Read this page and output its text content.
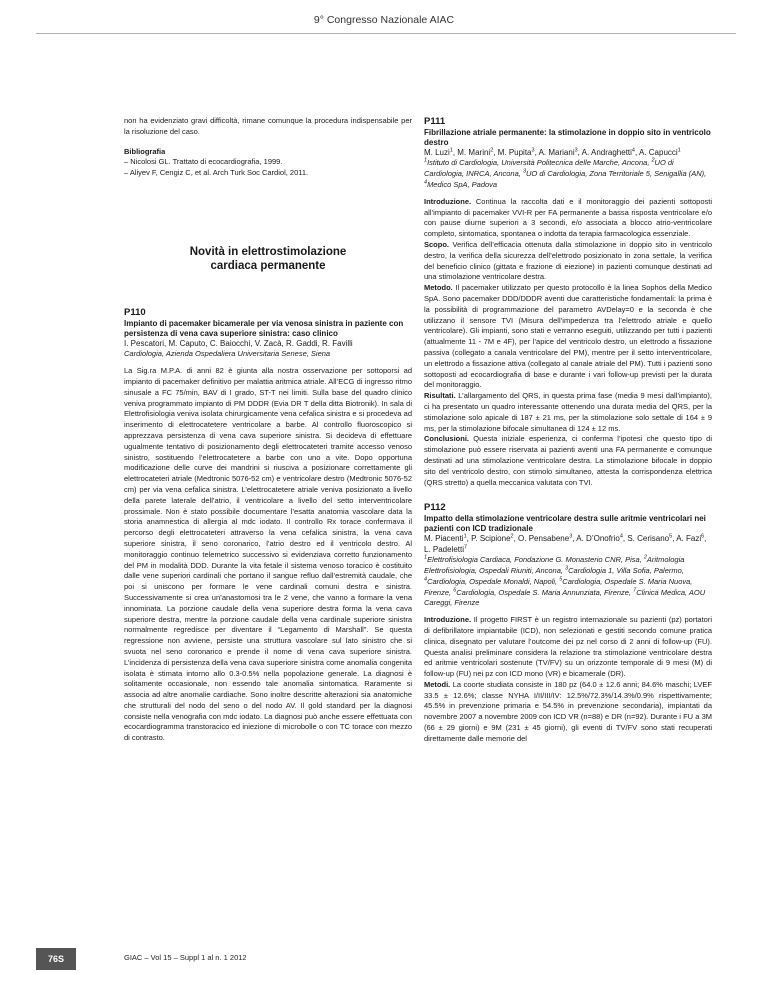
9° Congresso Nazionale AIAC

non ha evidenziato gravi difficoltà, rimane comunque la procedura indispensabile per la risoluzione del caso.

Bibliografia
– Nicolosi GL. Trattato di ecocardiografia, 1999.
– Aliyev F, Cengiz C, et al. Arch Turk Soc Cardiol, 2011.
Novità in elettrostimolazione
cardiaca permanente
P110
Impianto di pacemaker bicamerale per via venosa sinistra in paziente con persistenza di vena cava superiore sinistra: caso clinico
I. Pescatori, M. Caputo, C. Baiocchi, V. Zacà, R. Gaddi, R. Favilli
Cardiologia, Azienda Ospedaliera Universitaria Senese, Siena

La Sig.ra M.P.A. di anni 82 è giunta alla nostra osservazione per sottoporsi ad impianto di pacemaker definitivo per malattia aritmica atriale. All’ECG di ingresso ritmo sinusale a FC 75/min, BAV di I grado, ST-T nei limiti. Sulla base del quadro clinico veniva programmato impianto di PM DDDR (Evia DR T della ditta Biotronik). In sala di Elettrofisiologia veniva isolata chirurgicamente vena cefalica sinistra e si procedeva ad inserimento di elettrocatetere ventricolare a barbe. Al controllo fluoroscopico si apprezzava persistenza di vena cava superiore sinistra. Si decideva di effettuare ugualmente tentativo di posizionamento degli elettrocateteri tramite accesso venoso sinistro, sostituendo l’elettrocatetere a barbe con uno a vite. Dopo opportuna modificazione delle curve dei mandrini si riusciva a posizionare correttamente gli elettrocateteri atriale (Medtronic 5076-52 cm) e ventricolare destro (Medtronic 5076-52 cm) per via vena cefalica sinistra. L’elettrocatetere atriale veniva posizionato a livello della parete laterale dell’atrio, il ventricolare a livello del setto interventricolare prossimale. Non è stato possibile documentare l’esatta anatomia vascolare data la storia anamnestica di allergia al mdc iodato. Il controllo Rx torace confermava il percorso degli elettrocateteri attraverso la vena cefalica sinistra, la vena cava superiore sinistra, il seno coronarico, l’atrio destro ed il ventricolo destro. Al monitoraggio continuo telemetrico successivo si evidenziava corretto funzionamento del PM in modalità DDD. Durante la vita fetale il sistema venoso toracico è costituito dalle vene superiori cardinali che portano il sangue refluo dall’estremità caudale, che poi si uniscono per formare le vene cardinali comuni destra e sinistra. Successivamente si crea un’anastomosi tra le 2 vene, che vanno a formare la vena innominata. La porzione caudale della vena superiore destra forma la vena cava superiore destra, mentre la porzione caudale della vena cardinale superiore sinistra normalmente regredisce per diventare il “Legamento di Marshall”. Se questa regressione non avviene, persiste una struttura vascolare sul lato sinistro che si svuota nel seno coronarico e prende il nome di vena cava superiore sinistra. L’incidenza di persistenza della vena cava superiore sinistra come anomalia congenita isolata è stimata intorno allo 0.3-0.5% nella popolazione generale. La diagnosi è solitamente occasionale, non essendo tale anomalia sintomatica. Raramente si associa ad altre anomalie cardiache. Sono inoltre descritte alterazioni sia anatomiche che strutturali del nodo del seno o del nodo AV. Il gold standard per la diagnosi consiste nella venografia con mdc iodato. La diagnosi può anche essere effettuata con ecocardiogramma transtoracico ed iniezione di microbolle o con TC torace con mezzo di contrasto.

P111
Fibrillazione atriale permanente: la stimolazione in doppio sito in ventricolo destro
M. Luzi$^1$, M. Marini$^2$, M. Pupita$^3$, A. Mariani$^3$, A. Andraghetti$^4$, A. Capucci$^1$
$^1$Istituto di Cardiologia, Università Politecnica delle Marche, Ancona, $^2$UO di Cardiologia, INRCA, Ancona, $^3$UO di Cardiologia, Zona Territoriale 5, Senigallia (AN), $^4$Medico SpA, Padova

Introduzione. Continua la raccolta dati e il monitoraggio dei pazienti sottoposti all’impianto di pacemaker VVI-R per FA permanente a bassa risposta ventricolare e/o con pause diurne superiori a 3 secondi, e/o associata a blocco atrio-ventricolare completo, sintomatica, spontanea o indotta da terapia farmacologica essenziale.

Scopo. Verifica dell’efficacia ottenuta dalla stimolazione in doppio sito in ventricolo destro, la verifica della sicurezza dell’elettrodo posizionato in zona settale, la verifica del beneficio clinico (gittata e frazione di eiezione) in pazienti comunque destinati ad una stimolazione ventricolare destra.

Metodo. Il pacemaker utilizzato per questo protocollo è la linea Sophos della Medico SpA. Sono pacemaker DDD/DDDR aventi due caratteristiche fondamentali: la prima è la possibilità di programmazione del parametro AVDelay=0 e la seconda è che utilizzano il sensore TVI (Misura dell’impedenza tra l’elettrodo atriale e quello ventricolare). Gli impianti, sono stati e verranno eseguiti, utilizzando per tutti i pazienti (attualmente 11 - 7M e 4F), per l’apice del ventricolo destro, un elettrodo a fissazione passiva (collegato a canala ventricolare del PM), mentre per il setto interventricolare, un elettrodo a fissazione attiva (collegato al canale atriale del PM). Tutti i pazienti sono sottoposti ad ecocardiografia di base e durante i vari follow-up previsti per la durata del monitoraggio.

Risultati. L’allargamento del QRS, in questa prima fase (media 9 mesi dall’impianto), ci ha presentato un quadro interessante ottenendo una durata media del QRS, per la stimolazione solo apicale di 187 ± 21 ms, per la stimolazione solo settale di 164 ± 9 ms, per la stimolazione bifocale simultanea di 124 ± 12 ms.

Conclusioni. Questa iniziale esperienza, ci conferma l’ipotesi che questo tipo di stimolazione può essere riservata ai pazienti aventi una FA permanente e comunque destinati ad una stimolazione ventricolare destra. La stimolazione bifocale in doppio sito del ventricolo destro, con stimolo simultaneo, attesta la corrispondenza elettrica (QRS stretto) a quella meccanica valutata con TVI.

P112
Impatto della stimolazione ventricolare destra sulle aritmie ventricolari nei pazienti con ICD tradizionale
M. Piacenti$^1$, P. Scipione$^2$, O. Pensabene$^3$, A. D’Onofrio$^4$, S. Cerisano$^5$, A. Fazi$^6$, L. Padeletti$^7$
$^1$Elettrofisiologia Cardiaca, Fondazione G. Monasterio CNR, Pisa, $^2$Aritmologia Elettrofisiologia, Ospedali Riuniti, Ancona, $^3$Cardiologia 1, Villa Sofia, Palermo, $^4$Cardiologia, Ospedale Monaldi, Napoli, $^5$Cardiologia, Ospedale S. Maria Nuova, Firenze, $^6$Cardiologia, Ospedale S. Maria Annunziata, Firenze, $^7$Clinica Medica, AOU Careggi, Firenze

Introduzione. Il progetto FIRST è un registro internazionale su pazienti (pz) portatori di defibrillatore impiantabile (ICD), non selezionati e gestiti secondo comune pratica clinica, disegnato per valutare l’outcome dei pz nel corso di 2 anni di follow-up (FU). Questa analisi preliminare considera la relazione tra stimolazione ventricolare destra ed aritmie ventricolari sostenute (TV/FV) su un orizzonte temporale di 9 mesi (M) di follow-up (FU) nei pz con ICD mono (VR) e bicamerale (DR).

Metodi. La coorte studiata consiste in 180 pz (64.0 ± 12.6 anni; 84.6% maschi; LVEF 33.5 ± 12.6%; classe NYHA I/II/III/IV: 12.5%/72.3%/14.3%/0.9% rispettivamente; 45.5% in prevenzione primaria e 54.5% in prevenzione secondaria), impiantati da novembre 2007 a novembre 2009 con ICD VR (n=88) e DR (n=92). Durante i FU a 3M (66 ± 29 giorni) e 9M (231 ± 45 giorni), gli eventi di TV/FV sono stati recuperati direttamente dalle memorie del

76S	GIAC – Vol 15 – Suppl 1 al n. 1 2012
